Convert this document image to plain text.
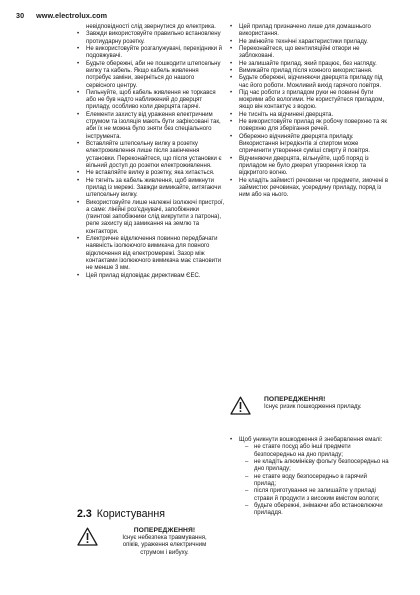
30 www.electrolux.com
невідповідності слід звернутися до електрика.
• Завжди використовуйте правильно встановлену протиударну розетку.
• Не використовуйте розгалужувачі, перехідники й подовжувачі.
• Будьте обережні, аби не пошкодити штепсельну вилку та кабель. Якщо кабель живлення потребує заміни, зверніться до нашого сервісного центру.
• Пильнуйте, щоб кабель живлення не торкався або не був надто наближений до дверцят приладу, особливо коли дверцята гарячі.
• Елементи захисту від ураження електричним струмом та ізоляція мають бути зафіксовані так, аби їх не можна було зняти без спеціального інструмента.
• Вставляйте штепсельну вилку в розетку електроживлення лише після закінчення установки. Переконайтеся, що після установки є вільний доступ до розетки електроживлення.
• Не вставляйте вилку в розетку, яка хитається.
• Не тягніть за кабель живлення, щоб вимкнути прилад із мережі. Завжди вимикайте, витягаючи штепсельну вилку.
• Використовуйте лише належні ізолюючі пристрої, а саме: лінійні роз'єднувачі, запобіжники (гвинтові запобіжники слід викрутити з патрона), реле захисту від замикання на землю та контактори.
• Електричне відключення повинно передбачати наявність ізолюючого вимикача для повного відключення від електромережі. Зазор між контактами ізолюючого вимикача має становити не менше 3 мм.
• Цей прилад відповідає директивам ЄЕС.
2.3 Користування
ПОПЕРЕДЖЕННЯ!
Існує небезпека травмування, опіків, ураження електричним струмом і вибуху.
• Цей прилад призначено лише для домашнього використання.
• Не змінюйте технічні характеристики приладу.
• Переконайтеся, що вентиляційні отвори не заблоковані.
• Не залишайте прилад, який працює, без нагляду.
• Вимикайте прилад після кожного використання.
• Будьте обережні, відчиняючи дверцята приладу під час його роботи. Можливий вихід гарячого повітря.
• Під час роботи з приладом руки не повинні бути мокрими або вологими. Не користуйтеся приладом, якщо він контактує з водою.
• Не тисніть на відчинені дверцята.
• Не використовуйте прилад як робочу поверхню та як поверхню для зберігання речей.
• Обережно відчиняйте дверцята приладу. Використання інгредієнтів зі спиртом може спричинити утворення суміші спирту й повітря.
• Відчиняючи дверцята, вільнуйте, щоб поряд із приладом не було джерел утворення іскор та відкритого вогню.
• Не кладіть займисті речовини чи предмети, змочені в займистих речовинах, усередину приладу, поряд із ним або на нього.
ПОПЕРЕДЖЕННЯ!
Існує ризик пошкодження приладу.
• Щоб уникнути вошкодження й знебарвлення емалі:
– не ставте посуд або інші предмети безпосередньо на дно приладу;
– не кладіть алюмінієву фольгу безпосередньо на дно приладу;
– не ставте воду безпосередньо в гарячий прилад;
– після приготування не залишайте у приладі страви й продукти з високим вмістом вологи;
– будьте обережні, знімаючи або встановлюючи приладдя.
